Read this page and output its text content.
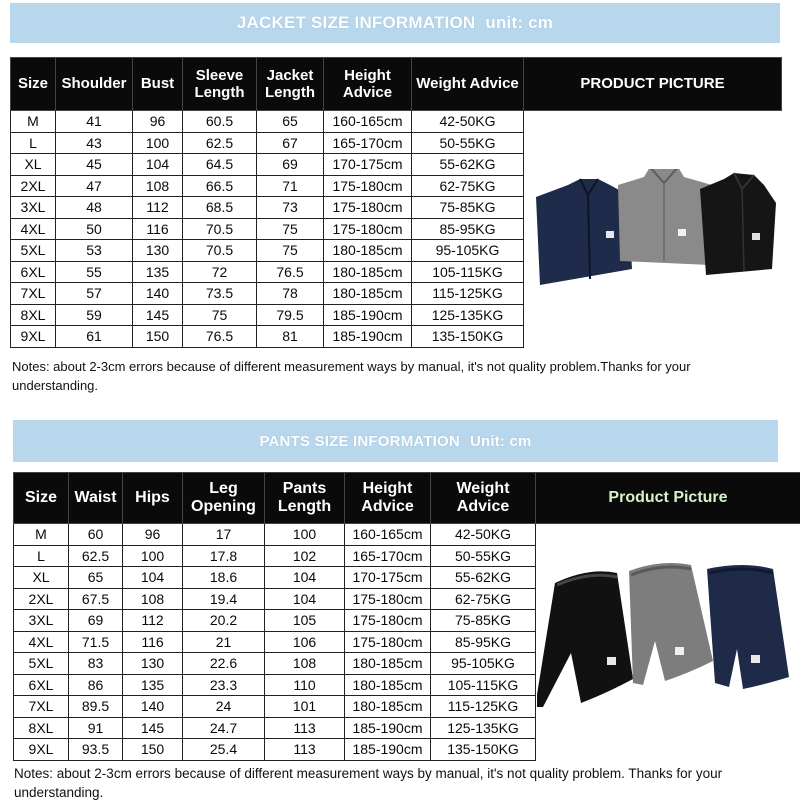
JACKET SIZE INFORMATION unit: cm
Size	Shoulder	Bust	Sleeve Length	Jacket Length	Height Advice	Weight Advice	PRODUCT PICTURE
M	41	96	60.5	65	160-165cm	42-50KG	

L	43	100	62.5	67	165-170cm	50-55KG	
XL	45	104	64.5	69	170-175cm	55-62KG	
2XL	47	108	66.5	71	175-180cm	62-75KG	
3XL	48	112	68.5	73	175-180cm	75-85KG	
4XL	50	116	70.5	75	175-180cm	85-95KG	
5XL	53	130	70.5	75	180-185cm	95-105KG	
6XL	55	135	72	76.5	180-185cm	105-115KG	
7XL	57	140	73.5	78	180-185cm	115-125KG	
8XL	59	145	75	79.5	185-190cm	125-135KG	
9XL	61	150	76.5	81	185-190cm	135-150KG	
Notes: about 2-3cm errors because of different measurement ways by manual, it's not quality problem.Thanks for your understanding.
PANTS SIZE INFORMATION Unit: cm
Size	Waist	Hips	Leg Opening	Pants Length	Height Advice	Weight Advice	Product Picture
M	60	96	17	100	160-165cm	42-50KG	

L	62.5	100	17.8	102	165-170cm	50-55KG	
XL	65	104	18.6	104	170-175cm	55-62KG	
2XL	67.5	108	19.4	104	175-180cm	62-75KG	
3XL	69	112	20.2	105	175-180cm	75-85KG	
4XL	71.5	116	21	106	175-180cm	85-95KG	
5XL	83	130	22.6	108	180-185cm	95-105KG	
6XL	86	135	23.3	110	180-185cm	105-115KG	
7XL	89.5	140	24	101	180-185cm	115-125KG	
8XL	91	145	24.7	113	185-190cm	125-135KG	
9XL	93.5	150	25.4	113	185-190cm	135-150KG	
Notes: about 2-3cm errors because of different measurement ways by manual, it's not quality problem. Thanks for your understanding.
